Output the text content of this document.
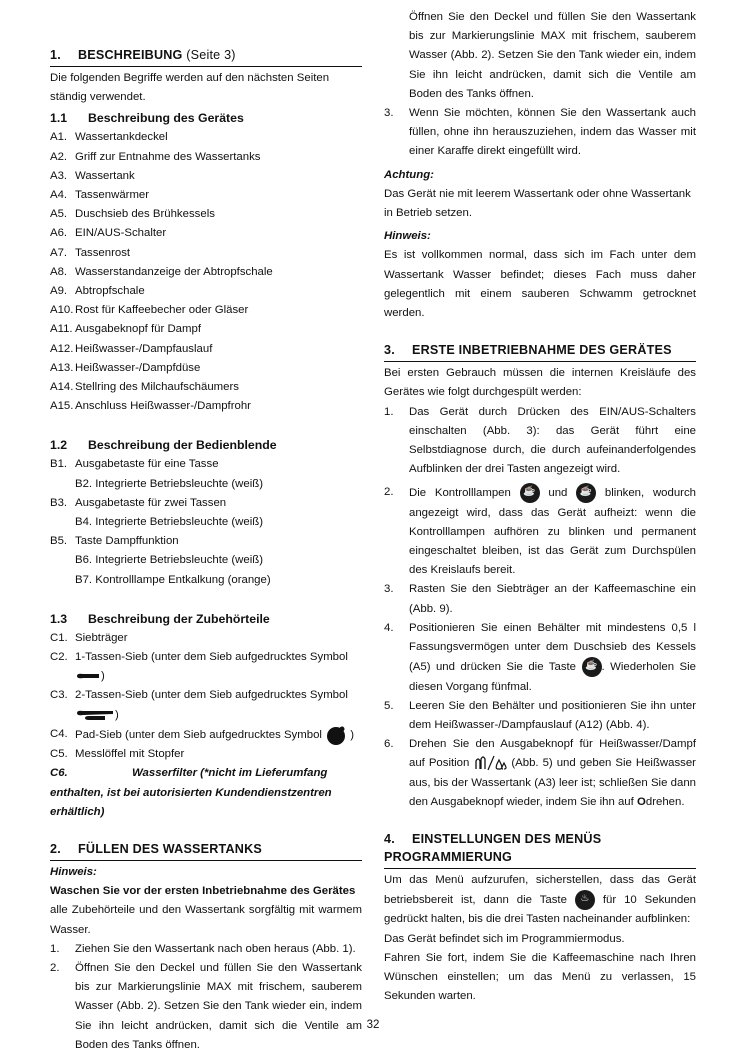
1. BESCHREIBUNG (Seite 3)
Die folgenden Begriffe werden auf den nächsten Seiten ständig verwendet.
1.1 Beschreibung des Gerätes
A1. Wassertankdeckel
A2. Griff zur Entnahme des Wassertanks
A3. Wassertank
A4. Tassenwärmer
A5. Duschsieb des Brühkessels
A6. EIN/AUS-Schalter
A7. Tassenrost
A8. Wasserstandanzeige der Abtropfschale
A9. Abtropfschale
A10. Rost für Kaffeebecher oder Gläser
A11. Ausgabeknopf für Dampf
A12. Heißwasser-/Dampfauslauf
A13. Heißwasser-/Dampfdüse
A14. Stellring des Milchaufschäumers
A15. Anschluss Heißwasser-/Dampfrohr
1.2 Beschreibung der Bedienblende
B1. Ausgabetaste für eine Tasse
B2. Integrierte Betriebsleuchte (weiß)
B3. Ausgabetaste für zwei Tassen
B4. Integrierte Betriebsleuchte (weiß)
B5. Taste Dampffunktion
B6. Integrierte Betriebsleuchte (weiß)
B7. Kontrolllampe Entkalkung (orange)
1.3 Beschreibung der Zubehörteile
C1. Siebträger
C2. 1-Tassen-Sieb (unter dem Sieb aufgedrucktes Symbol
)
C3. 2-Tassen-Sieb (unter dem Sieb aufgedrucktes Symbol
)
C4. Pad-Sieb (unter dem Sieb aufgedrucktes Symbol )
C5. Messlöffel mit Stopfer
C6.	Wasserfilter (*nicht im Lieferumfang enthalten, ist bei autorisierten Kundendienstzentren erhältlich)
2. FÜLLEN DES WASSERTANKS
Hinweis:
Waschen Sie vor der ersten Inbetriebnahme des Gerätes
alle Zubehörteile und den Wassertank sorgfältig mit warmem Wasser.
1.	Ziehen Sie den Wassertank nach oben heraus (Abb. 1).
2.	Öffnen Sie den Deckel und füllen Sie den Wassertank bis zur Markierungslinie MAX mit frischem, sauberem Wasser (Abb. 2). Setzen Sie den Tank wieder ein, indem Sie ihn leicht andrücken, damit sich die Ventile am Boden des Tanks öffnen.
Öffnen Sie den Deckel und füllen Sie den Wassertank bis zur Markierungslinie MAX mit frischem, sauberem Wasser (Abb. 2). Setzen Sie den Tank wieder ein, indem Sie ihn leicht andrücken, damit sich die Ventile am Boden des Tanks öffnen.
3.	Wenn Sie möchten, können Sie den Wassertank auch füllen, ohne ihn herauszuziehen, indem das Wasser mit einer Karaffe direkt eingefüllt wird.
Achtung:
Das Gerät nie mit leerem Wassertank oder ohne Wassertank in Betrieb setzen.
Hinweis:
Es ist vollkommen normal, dass sich im Fach unter dem Wassertank Wasser befindet; dieses Fach muss daher gelegentlich mit einem sauberen Schwamm getrocknet werden.
3. ERSTE INBETRIEBNAHME DES GERÄTES
Bei ersten Gebrauch müssen die internen Kreisläufe des Gerätes wie folgt durchgespült werden:
1.	Das Gerät durch Drücken des EIN/AUS-Schalters einschalten (Abb. 3): das Gerät führt eine Selbstdiagnose durch, die durch aufeinanderfolgendes Aufblinken der drei Tasten angezeigt wird.
2.	Die Kontrolllampen ☕ und ☕ blinken, wodurch angezeigt wird, dass das Gerät aufheizt: wenn die Kontrolllampen aufhören zu blinken und permanent eingeschaltet bleiben, ist das Gerät zum Durchspülen des Kreislaufs bereit.
3.	Rasten Sie den Siebträger an der Kaffeemaschine ein (Abb. 9).
4.	Positionieren Sie einen Behälter mit mindestens 0,5 l Fassungsvermögen unter dem Duschsieb des Kessels (A5) und drücken Sie die Taste ☕ . Wiederholen Sie diesen Vorgang fünfmal.
5.	Leeren Sie den Behälter und positionieren Sie ihn unter dem Heißwasser-/Dampfauslauf (A12) (Abb. 4).
6.	Drehen Sie den Ausgabeknopf für Heißwasser/Dampf auf Position	(Abb. 5) und geben Sie Heißwasser aus, bis der Wassertank (A3) leer ist; schließen Sie dann den Ausgabeknopf wieder, indem Sie ihn auf Odrehen.
4. EINSTELLUNGEN DES MENÜS PROGRAMMIERUNG
Um das Menü aufzurufen, sicherstellen, dass das Gerät betriebsbereit ist, dann die Taste ♨ für 10 Sekunden gedrückt halten, bis die drei Tasten nacheinander aufblinken:
Das Gerät befindet sich im Programmiermodus.
Fahren Sie fort, indem Sie die Kaffeemaschine nach Ihren Wünschen einstellen; um das Menü zu verlassen, 15 Sekunden warten.
32
